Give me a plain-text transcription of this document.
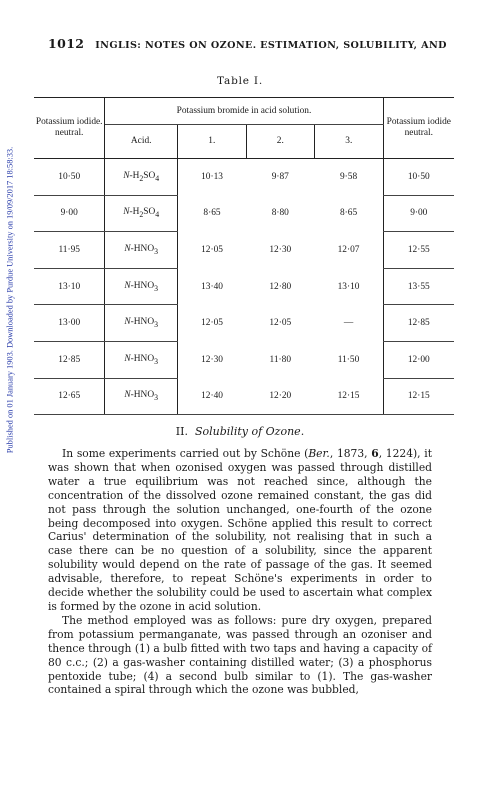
Published on 01 January 1903. Downloaded by Purdue University on 19/09/2017 18:58:33.
1012 INGLIS: NOTES ON OZONE. ESTIMATION, SOLUBILITY, AND
Table I.
Potassium iodide. neutral.	Potassium bromide in acid solution.				Potassium iodide neutral.
	Acid.	1.	2.	3.	
10·50	$N-H_2SO_4$	10·13	9·87	9·58	10·50
9·00	$N-H_2SO_4$	8·65	8·80	8·65	9·00
11·95	$N-HNO_3$	12·05	12·30	12·07	12·55
13·10	$N-HNO_3$	13·40	12·80	13·10	13·55
13·00	$N-HNO_3$	12·05	12·05	—	12·85
12·85	$N-HNO_3$	12·30	11·80	11·50	12·00
12·65	$N-HNO_3$	12·40	12·20	12·15	12·15
II. Solubility of Ozone.

In some experiments carried out by Schöne (Ber., 1873, 6, 1224), it was shown that when ozonised oxygen was passed through distilled water a true equilibrium was not reached since, although the concentration of the dissolved ozone remained constant, the gas did not pass through the solution unchanged, one-fourth of the ozone being decomposed into oxygen. Schöne applied this result to correct Carius' determination of the solubility, not realising that in such a case there can be no question of a solubility, since the apparent solubility would depend on the rate of passage of the gas. It seemed advisable, therefore, to repeat Schöne's experiments in order to decide whether the solubility could be used to ascertain what complex is formed by the ozone in acid solution.

The method employed was as follows: pure dry oxygen, prepared from potassium permanganate, was passed through an ozoniser and thence through (1) a bulb fitted with two taps and having a capacity of 80 c.c.; (2) a gas-washer containing distilled water; (3) a phosphorus pentoxide tube; (4) a second bulb similar to (1). The gas-washer contained a spiral through which the ozone was bubbled,
